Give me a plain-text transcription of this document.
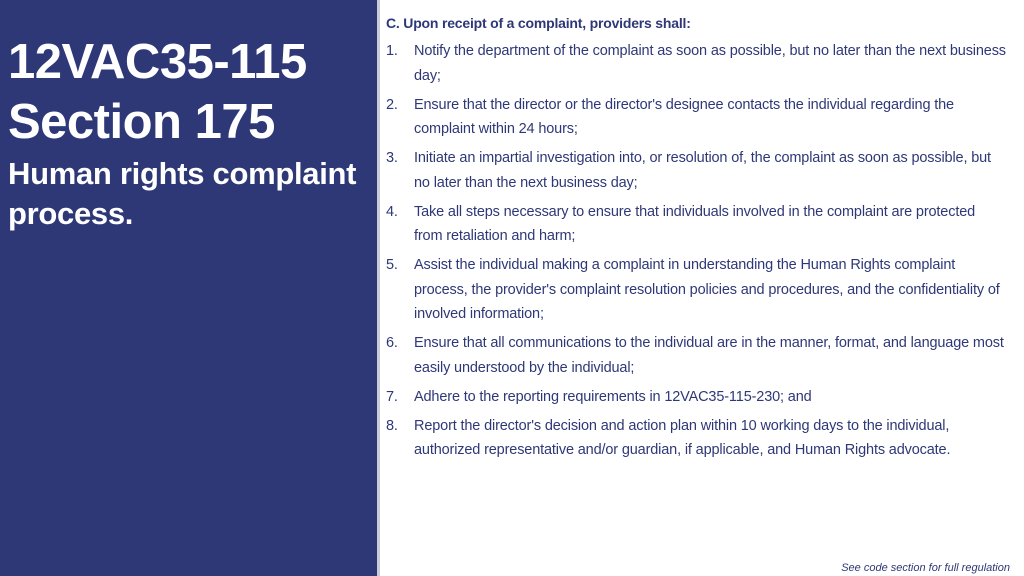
12VAC35-115
Section 175
Human rights complaint process.
C. Upon receipt of a complaint, providers shall:
1. Notify the department of the complaint as soon as possible, but no later than the next business day;
2. Ensure that the director or the director's designee contacts the individual regarding the complaint within 24 hours;
3. Initiate an impartial investigation into, or resolution of, the complaint as soon as possible, but no later than the next business day;
4. Take all steps necessary to ensure that individuals involved in the complaint are protected from retaliation and harm;
5. Assist the individual making a complaint in understanding the Human Rights complaint process, the provider's complaint resolution policies and procedures, and the confidentiality of involved information;
6. Ensure that all communications to the individual are in the manner, format, and language most easily understood by the individual;
7. Adhere to the reporting requirements in 12VAC35-115-230; and
8. Report the director's decision and action plan within 10 working days to the individual, authorized representative and/or guardian, if applicable, and Human Rights advocate.
See code section for full regulation
